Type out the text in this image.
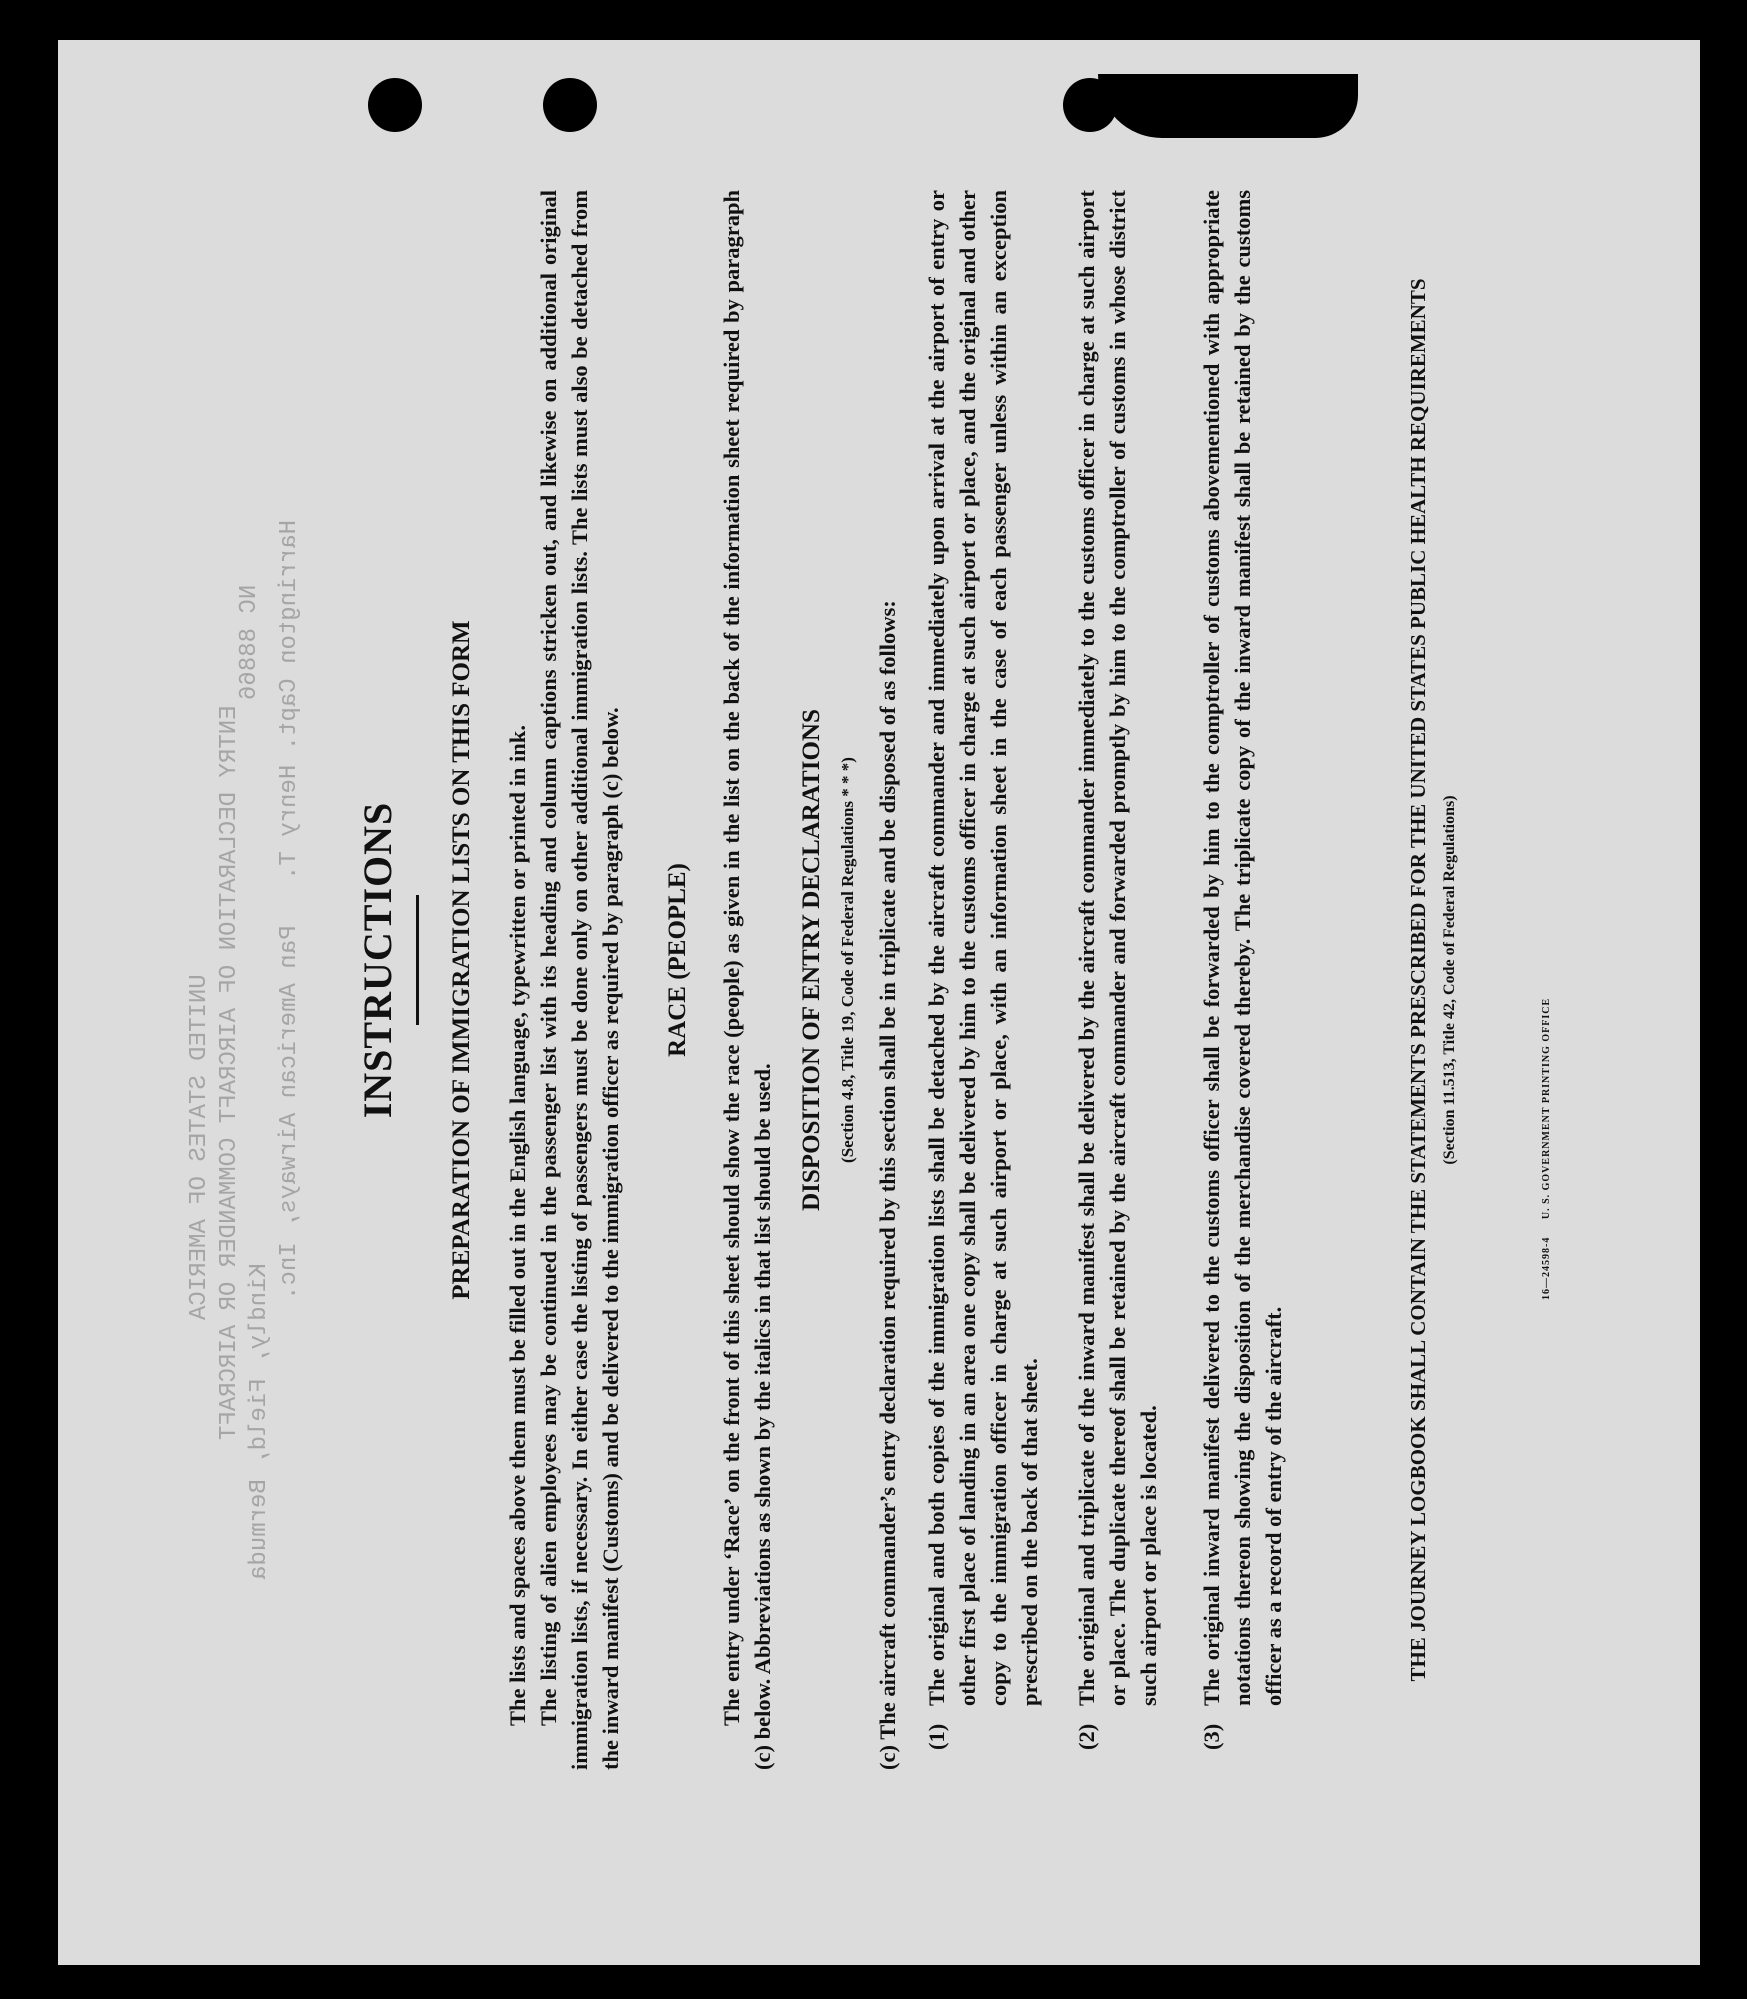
UNITED STATES OF AMERICA ENTRY DECLARATION OF AIRCRAFT COMMANDER OR AIRCRAFT
NC 88866
Kindly, Field, Bermuda
Harrington Capt. Henry T.
Pan American Airways, Inc. INSTRUCTIONS PREPARATION OF IMMIGRATION LISTS ON THIS FORM The lists and spaces above them must be filled out in the English language, typewritten or printed in ink. The listing of alien employees may be continued in the passenger list with its heading and column captions stricken out, and likewise on additional original immigration lists, if necessary. In either case the listing of passengers must be done only on other additional immigration lists. The lists must also be detached from the inward manifest (Customs) and be delivered to the immigration officer as required by paragraph (c) below. RACE (PEOPLE) The entry under ‘Race’ on the front of this sheet should show the race (people) as given in the list on the back of the information sheet required by paragraph (c) below. Abbreviations as shown by the italics in that list should be used.

DISPOSITION OF ENTRY DECLARATIONS (Section 4.8, Title 19, Code of Federal Regulations * * *) (c) The aircraft commander’s entry declaration required by this section shall be in triplicate and be disposed of as follows: (1)
The original and both copies of the immigration lists shall be detached by the aircraft commander and immediately upon arrival at the airport of entry or other first place of landing in an area one copy shall be delivered by him to the customs officer in charge at such airport or place, and the original and other copy to the immigration officer in charge at such airport or place, with an information sheet in the case of each passenger unless within an exception prescribed on the back of that sheet.
(2)
The original and triplicate of the inward manifest shall be delivered by the aircraft commander immediately to the customs officer in charge at such airport or place. The duplicate thereof shall be retained by the aircraft commander and forwarded promptly by him to the comptroller of customs in whose district such airport or place is located.
(3)
The original inward manifest delivered to the customs officer shall be forwarded by him to the comptroller of customs abovementioned with appropriate notations thereon showing the disposition of the merchandise covered thereby. The triplicate copy of the inward manifest shall be retained by the customs officer as a record of entry of the aircraft.	THE JOURNEY LOGBOOK SHALL CONTAIN THE STATEMENTS PRESCRIBED FOR THE UNITED STATES PUBLIC HEALTH REQUIREMENTS (Section 11.513, Title 42, Code of Federal Regulations)
16—24598-4     U. S. GOVERNMENT PRINTING OFFICE
